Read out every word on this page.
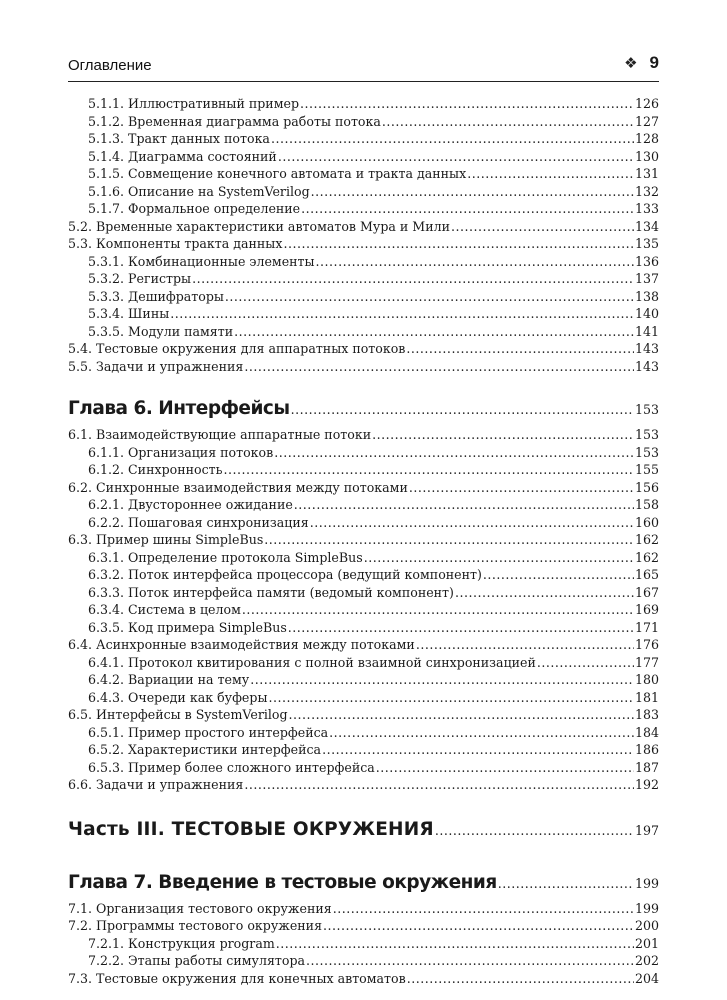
Оглавление	❖ 9
5.1.1. Иллюстративный пример .....	126
5.1.2. Временная диаграмма работы потока .....	127
5.1.3. Тракт данных потока .....	128
5.1.4. Диаграмма состояний .....	130
5.1.5. Совмещение конечного автомата и тракта данных .....	131
5.1.6. Описание на SystemVerilog .....	132
5.1.7. Формальное определение .....	133
5.2. Временные характеристики автоматов Мура и Мили .....	134
5.3. Компоненты тракта данных .....	135
5.3.1. Комбинационные элементы .....	136
5.3.2. Регистры .....	137
5.3.3. Дешифраторы .....	138
5.3.4. Шины .....	140
5.3.5. Модули памяти .....	141
5.4. Тестовые окружения для аппаратных потоков .....	143
5.5. Задачи и упражнения .....	143
Глава 6. Интерфейсы .....	153
6.1. Взаимодействующие аппаратные потоки .....	153
6.1.1. Организация потоков .....	153
6.1.2. Синхронность .....	155
6.2. Синхронные взаимодействия между потоками .....	156
6.2.1. Двустороннее ожидание .....	158
6.2.2. Пошаговая синхронизация .....	160
6.3. Пример шины SimpleBus .....	162
6.3.1. Определение протокола SimpleBus .....	162
6.3.2. Поток интерфейса процессора (ведущий компонент) .....	165
6.3.3. Поток интерфейса памяти (ведомый компонент) .....	167
6.3.4. Система в целом .....	169
6.3.5. Код примера SimpleBus .....	171
6.4. Асинхронные взаимодействия между потоками .....	176
6.4.1. Протокол квитирования с полной взаимной синхронизацией .....	177
6.4.2. Вариации на тему .....	180
6.4.3. Очереди как буферы .....	181
6.5. Интерфейсы в SystemVerilog .....	183
6.5.1. Пример простого интерфейса .....	184
6.5.2. Характеристики интерфейса .....	186
6.5.3. Пример более сложного интерфейса .....	187
6.6. Задачи и упражнения .....	192
Часть III. ТЕСТОВЫЕ ОКРУЖЕНИЯ .....	197
Глава 7. Введение в тестовые окружения .....	199
7.1. Организация тестового окружения .....	199
7.2. Программы тестового окружения .....	200
7.2.1. Конструкция program .....	201
7.2.2. Этапы работы симулятора .....	202
7.3. Тестовые окружения для конечных автоматов .....	204
